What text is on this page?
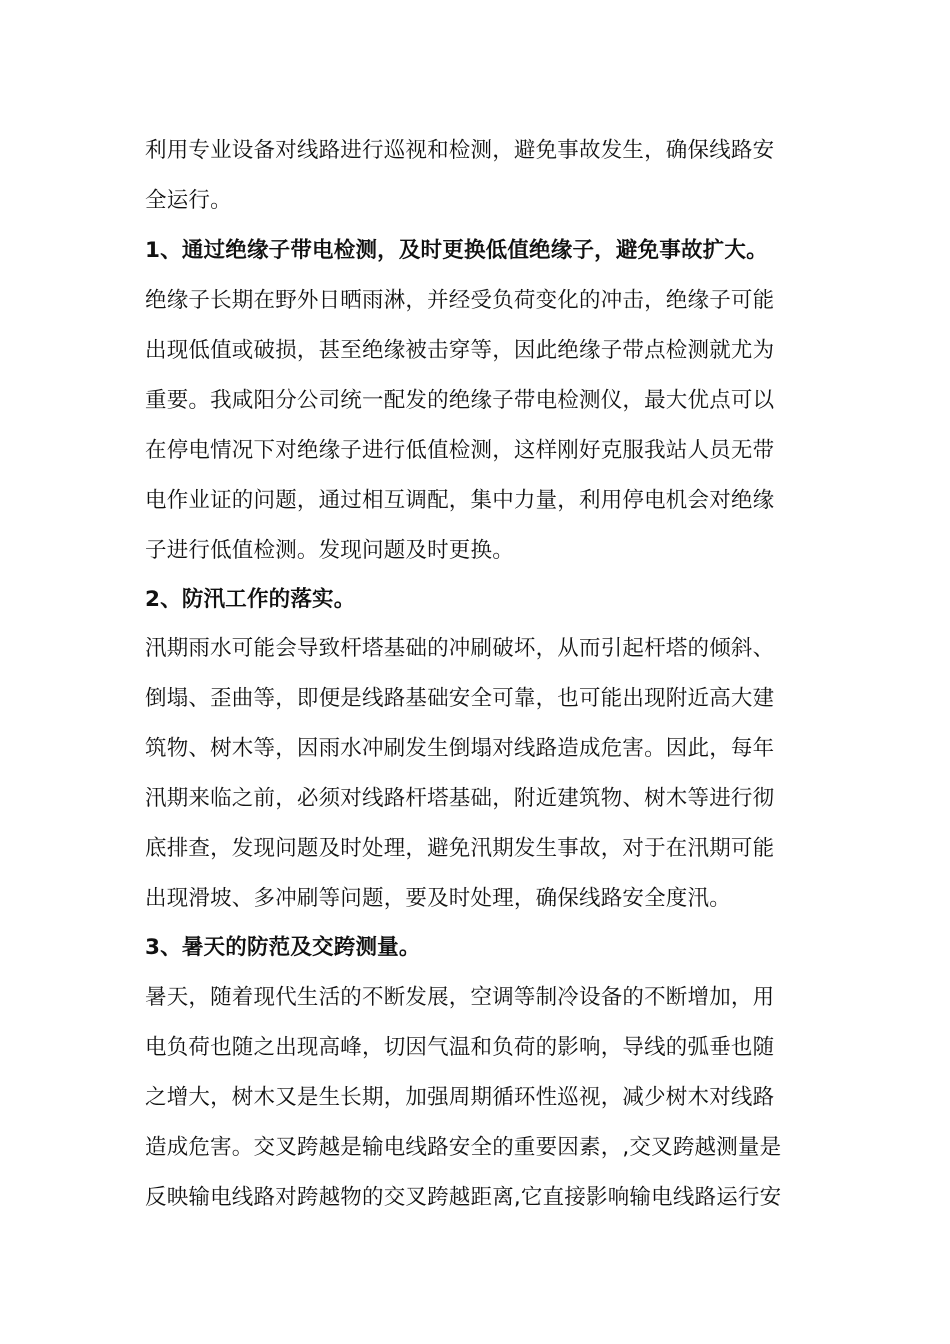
利用专业设备对线路进行巡视和检测，避免事故发生，确保线路安
全运行。
1、通过绝缘子带电检测，及时更换低值绝缘子，避免事故扩大。
绝缘子长期在野外日晒雨淋，并经受负荷变化的冲击，绝缘子可能
出现低值或破损，甚至绝缘被击穿等，因此绝缘子带点检测就尤为
重要。我咸阳分公司统一配发的绝缘子带电检测仪，最大优点可以
在停电情况下对绝缘子进行低值检测，这样刚好克服我站人员无带
电作业证的问题，通过相互调配，集中力量，利用停电机会对绝缘
子进行低值检测。发现问题及时更换。
2、防汛工作的落实。
汛期雨水可能会导致杆塔基础的冲刷破坏，从而引起杆塔的倾斜、
倒塌、歪曲等，即便是线路基础安全可靠，也可能出现附近高大建
筑物、树木等，因雨水冲刷发生倒塌对线路造成危害。因此，每年
汛期来临之前，必须对线路杆塔基础，附近建筑物、树木等进行彻
底排查，发现问题及时处理，避免汛期发生事故，对于在汛期可能
出现滑坡、多冲刷等问题，要及时处理，确保线路安全度汛。
3、暑天的防范及交跨测量。
暑天，随着现代生活的不断发展，空调等制冷设备的不断增加，用
电负荷也随之出现高峰，切因气温和负荷的影响，导线的弧垂也随
之增大，树木又是生长期，加强周期循环性巡视，减少树木对线路
造成危害。交叉跨越是输电线路安全的重要因素，,交叉跨越测量是
反映输电线路对跨越物的交叉跨越距离,它直接影响输电线路运行安
